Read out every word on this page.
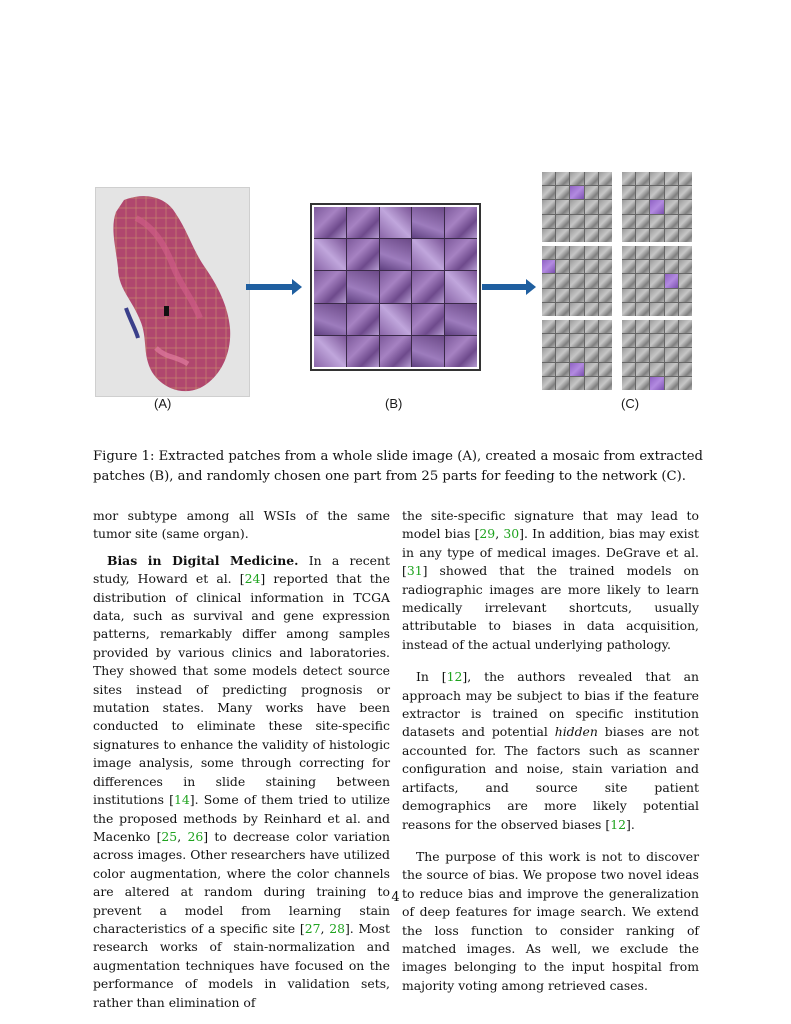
(A)	(B)	(C)
Figure 1: Extracted patches from a whole slide image (A), created a mosaic from extracted patches (B), and randomly chosen one part from 25 parts for feeding to the network (C).

mor subtype among all WSIs of the same tumor site (same organ).

Bias in Digital Medicine. In a recent study, Howard et al. [24] reported that the distribution of clinical information in TCGA data, such as survival and gene expression patterns, remarkably differ among samples provided by various clinics and laboratories. They showed that some models detect source sites instead of predicting prognosis or mutation states. Many works have been conducted to eliminate these site-specific signatures to enhance the validity of histologic image analysis, some through correcting for differences in slide staining between institutions [14]. Some of them tried to utilize the proposed methods by Reinhard et al. and Macenko [25, 26] to decrease color variation across images. Other researchers have utilized color augmentation, where the color channels are altered at random during training to prevent a model from learning stain characteristics of a specific site [27, 28]. Most research works of stain-normalization and augmentation techniques have focused on the performance of models in validation sets, rather than elimination of

the site-specific signature that may lead to model bias [29, 30]. In addition, bias may exist in any type of medical images. DeGrave et al. [31] showed that the trained models on radiographic images are more likely to learn medically irrelevant shortcuts, usually attributable to biases in data acquisition, instead of the actual underlying pathology.

In [12], the authors revealed that an approach may be subject to bias if the feature extractor is trained on specific institution datasets and potential hidden biases are not accounted for. The factors such as scanner configuration and noise, stain variation and artifacts, and source site patient demographics are more likely potential reasons for the observed biases [12].

The purpose of this work is not to discover the source of bias. We propose two novel ideas to reduce bias and improve the generalization of deep features for image search. We extend the loss function to consider ranking of matched images. As well, we exclude the images belonging to the input hospital from majority voting among retrieved cases.

4
